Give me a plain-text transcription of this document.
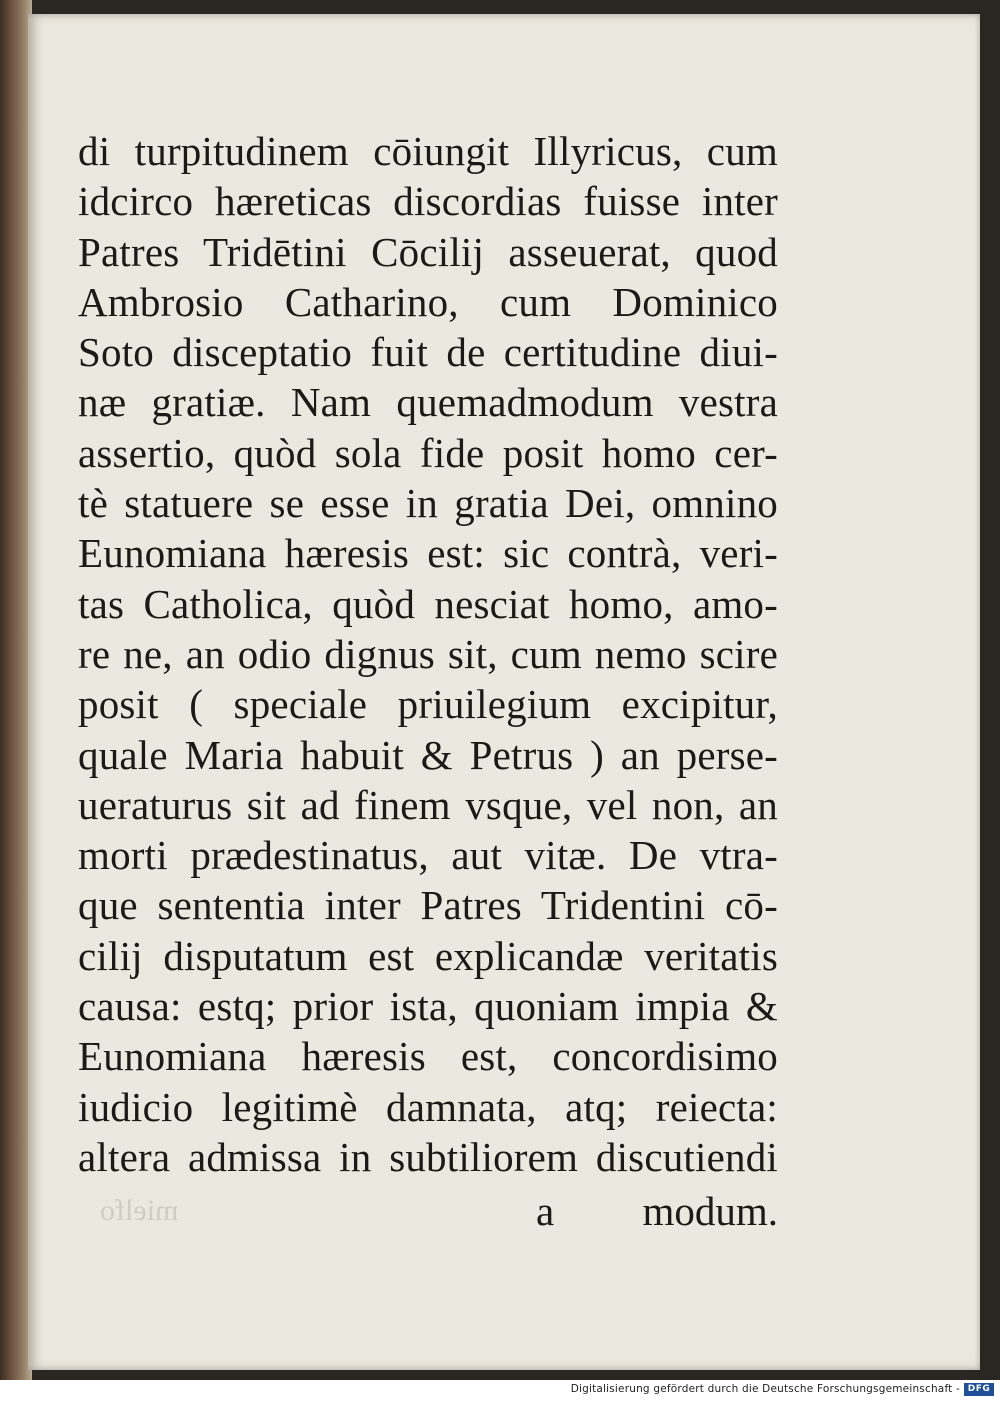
di turpitudinem cōiungit Illyricus, cum
idcirco hæreticas discordias fuisse inter
Patres Tridētini Cōcilij asseuerat, quod
Ambrosio Catharino, cum Dominico
Soto disceptatio fuit de certitudine diui-
næ gratiæ. Nam quemadmodum vestra
assertio, quòd sola fide posit homo cer-
tè statuere se esse in gratia Dei, omnino
Eunomiana hæresis est: sic contrà, veri-
tas Catholica, quòd nesciat homo, amo-
re ne, an odio dignus sit, cum nemo scire
posit ( speciale priuilegium excipitur,
quale Maria habuit & Petrus ) an perse-
ueraturus sit ad finem vsque, vel non, an
morti prædestinatus, aut vitæ. De vtra-
que sententia inter Patres Tridentini cō-
cilij disputatum est explicandæ veritatis
causa: estq; prior ista, quoniam impia &
Eunomiana hæresis est, concordisimo
iudicio legitimè damnata, atq; reiecta:
altera admissa in subtiliorem discutiendi
mielfo	a modum.
Digitalisierung gefördert durch die Deutsche Forschungsgemeinschaft - DFG
